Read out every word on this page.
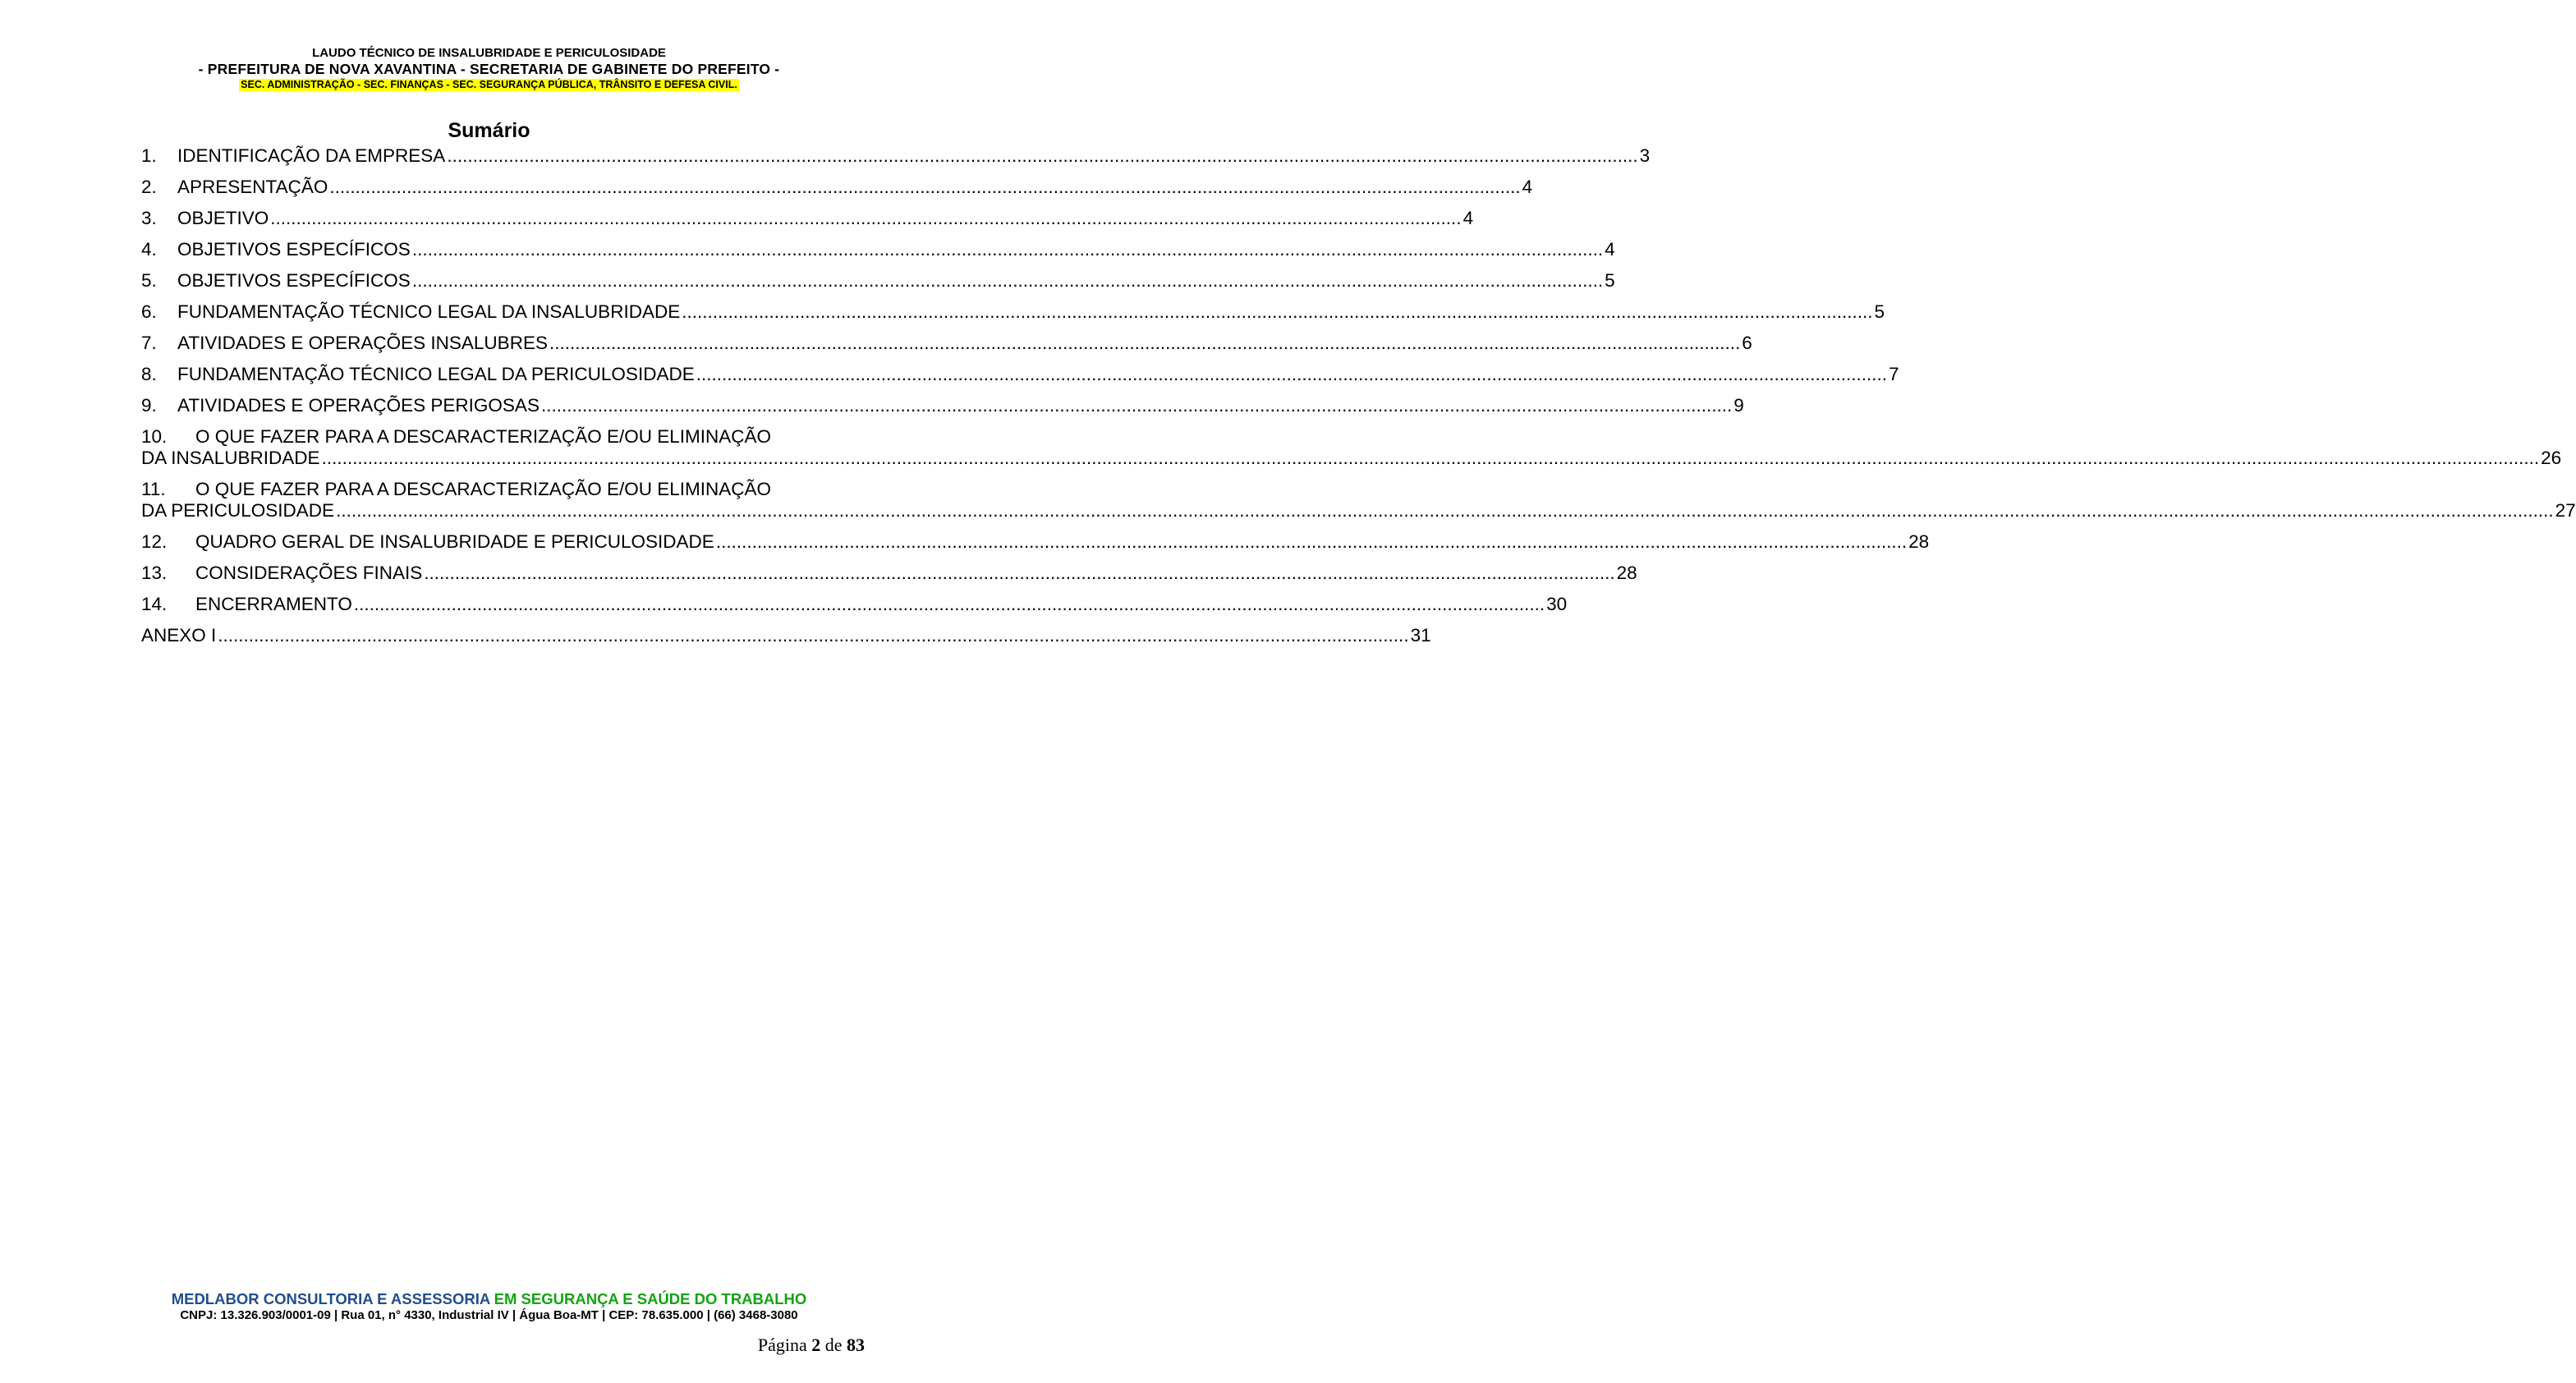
LAUDO TÉCNICO DE INSALUBRIDADE E PERICULOSIDADE
- PREFEITURA DE NOVA XAVANTINA - SECRETARIA DE GABINETE DO PREFEITO -
SEC. ADMINISTRAÇÃO - SEC. FINANÇAS - SEC. SEGURANÇA PÚBLICA, TRÂNSITO E DEFESA CIVIL.
Sumário
1.	IDENTIFICAÇÃO DA EMPRESA .....	3
2.	APRESENTAÇÃO .....	4
3.	OBJETIVO .....	4
4.	OBJETIVOS ESPECÍFICOS .....	4
5.	OBJETIVOS ESPECÍFICOS .....	5
6.	FUNDAMENTAÇÃO TÉCNICO LEGAL DA INSALUBRIDADE .....	5
7.	ATIVIDADES E OPERAÇÕES INSALUBRES .....	6
8.	FUNDAMENTAÇÃO TÉCNICO LEGAL DA PERICULOSIDADE .....	7
9.	ATIVIDADES E OPERAÇÕES PERIGOSAS .....	9
10.	O QUE FAZER PARA A DESCARACTERIZAÇÃO E/OU ELIMINAÇÃO
DA INSALUBRIDADE ........................................................................................................................................................................................................ .....	26
11.	O QUE FAZER PARA A DESCARACTERIZAÇÃO E/OU ELIMINAÇÃO
DA PERICULOSIDADE ........................................................................................................................................................................................................ .....	27
12.	QUADRO GERAL DE INSALUBRIDADE E PERICULOSIDADE .....	28
13.	CONSIDERAÇÕES FINAIS .....	28
14.	ENCERRAMENTO .....	30
ANEXO I .....	31
MEDLABOR CONSULTORIA E ASSESSORIA EM SEGURANÇA E SAÚDE DO TRABALHO
CNPJ: 13.326.903/0001-09 | Rua 01, n° 4330, Industrial IV | Água Boa-MT | CEP: 78.635.000 | (66) 3468-3080
Página 2 de 83
